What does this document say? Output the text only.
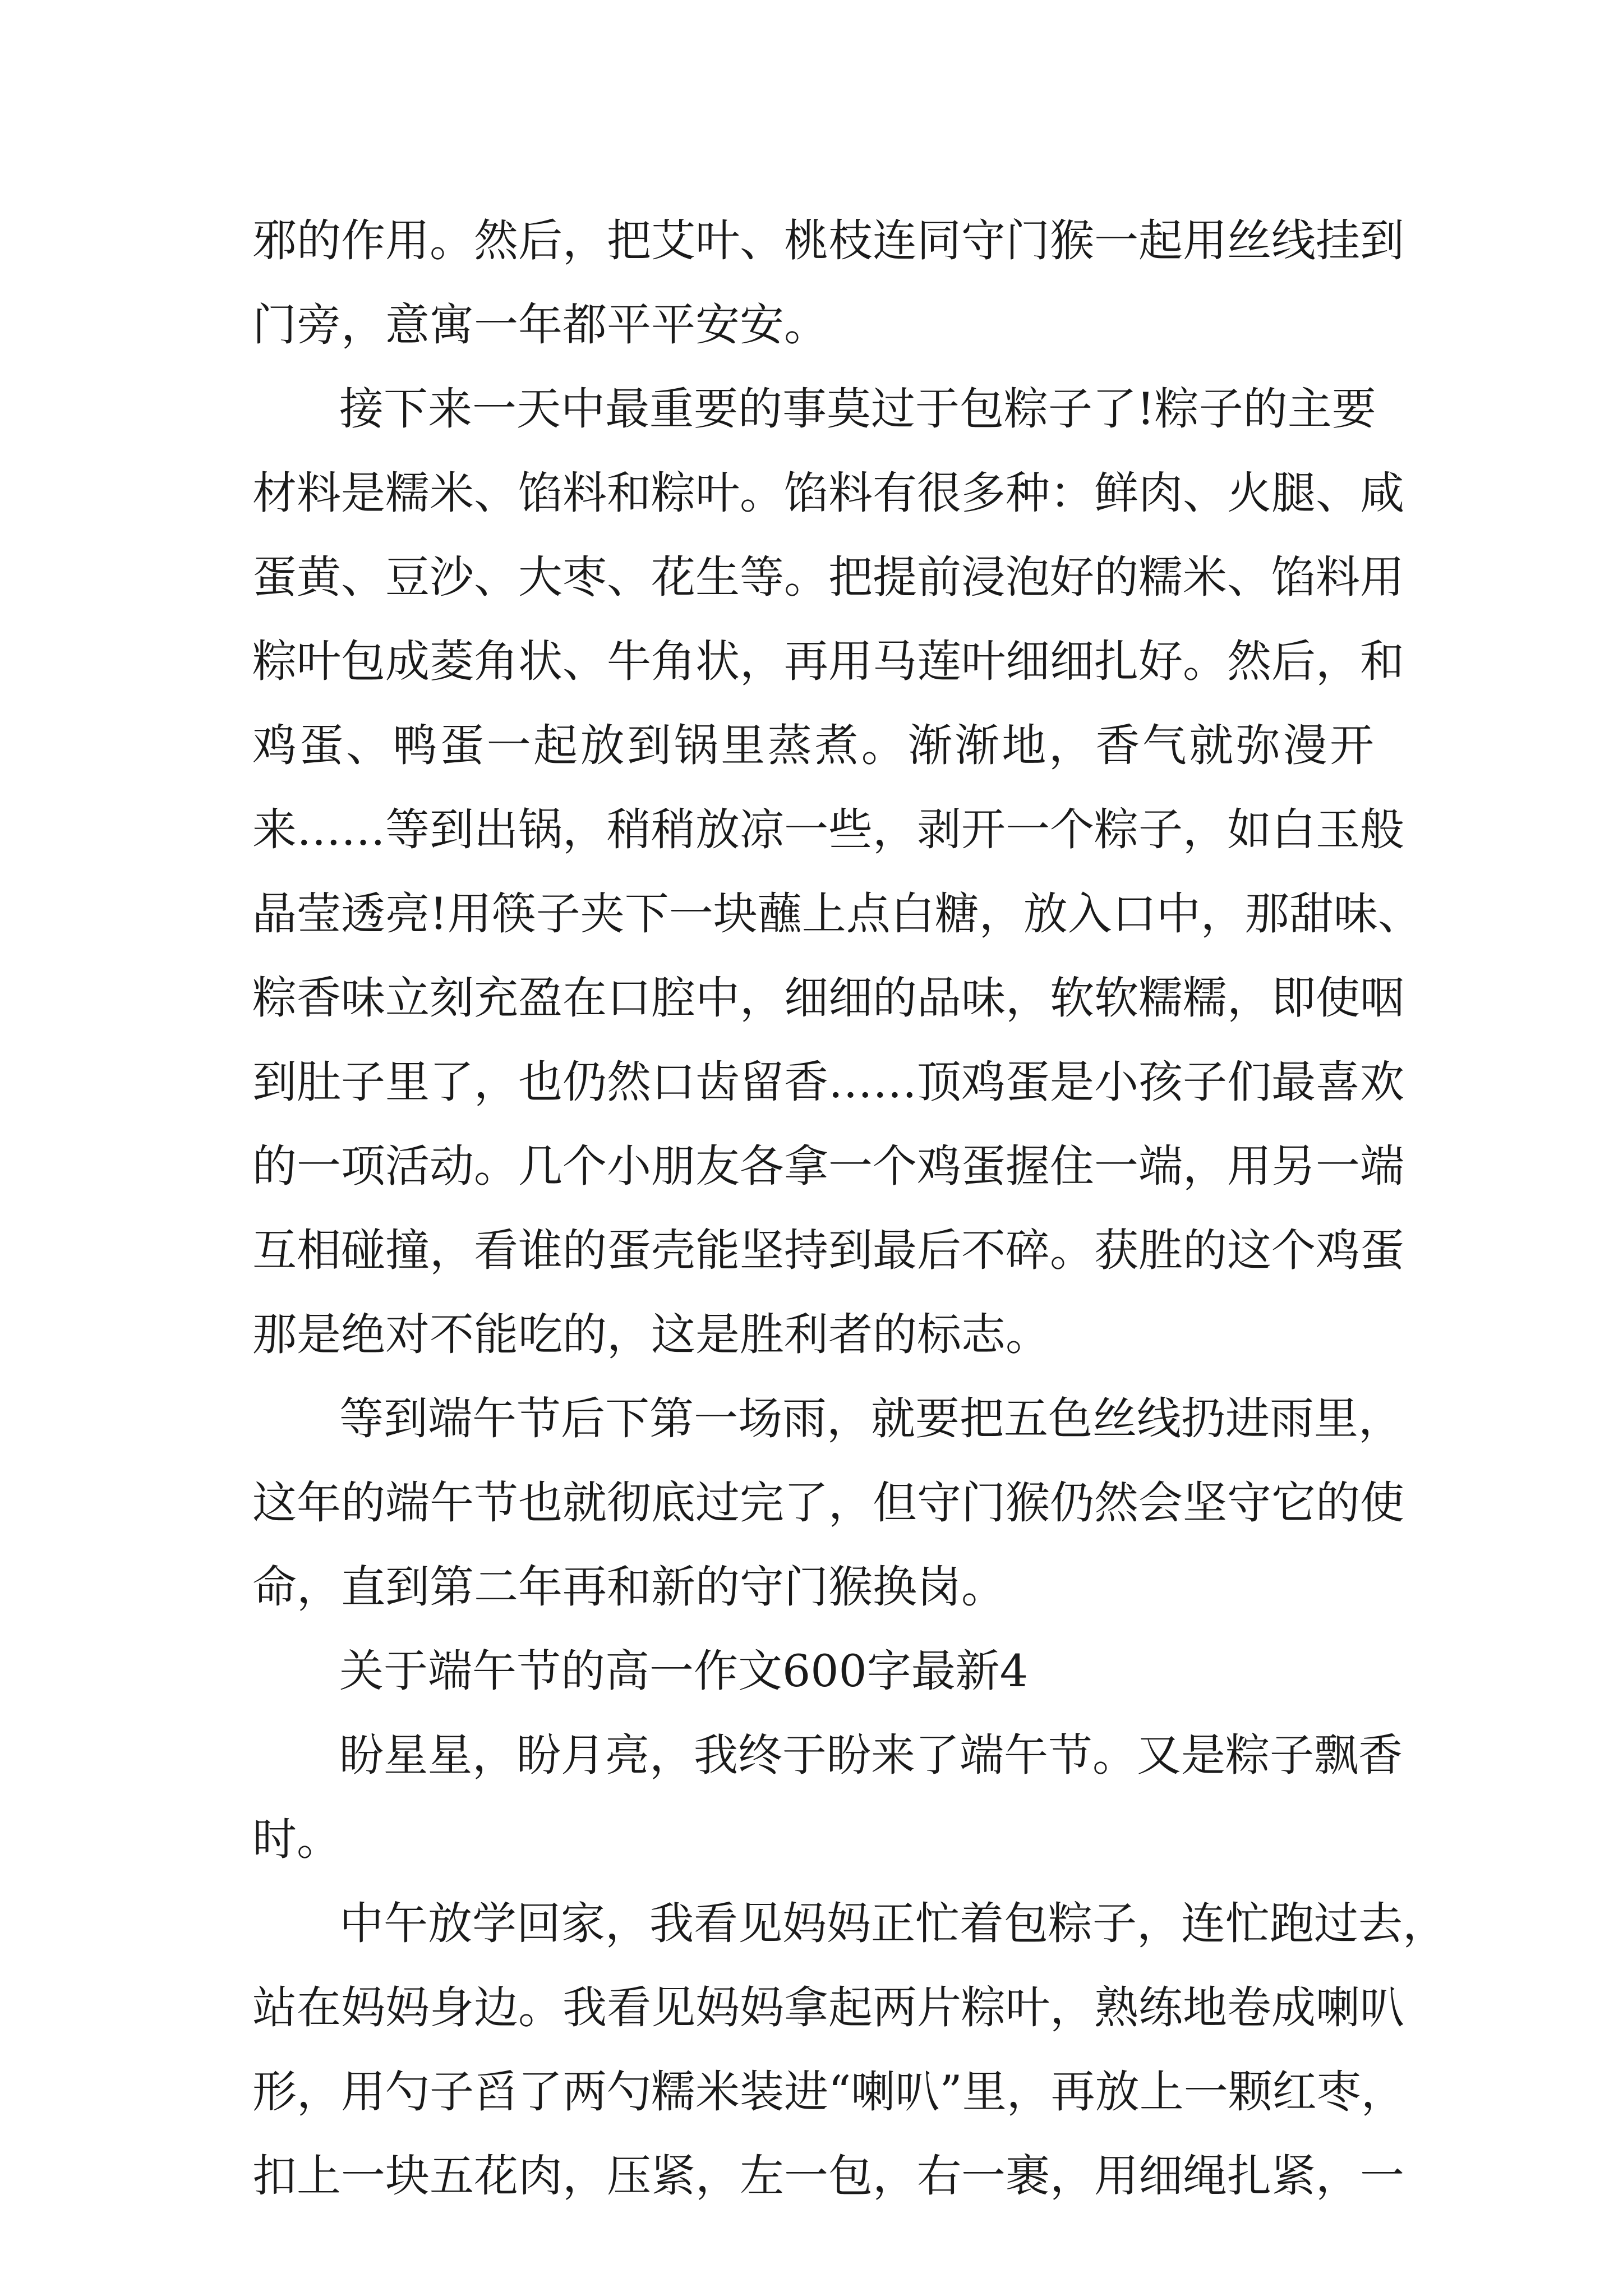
邪的作用。然后，把艾叶、桃枝连同守门猴一起用丝线挂到

门旁，意寓一年都平平安安。

接下来一天中最重要的事莫过于包粽子了!粽子的主要

材料是糯米、馅料和粽叶。馅料有很多种：鲜肉、火腿、咸

蛋黄、豆沙、大枣、花生等。把提前浸泡好的糯米、馅料用

粽叶包成菱角状、牛角状，再用马莲叶细细扎好。然后，和

鸡蛋、鸭蛋一起放到锅里蒸煮。渐渐地，香气就弥漫开

来……等到出锅，稍稍放凉一些，剥开一个粽子，如白玉般

晶莹透亮!用筷子夹下一块蘸上点白糖，放入口中，那甜味、

粽香味立刻充盈在口腔中，细细的品味，软软糯糯，即使咽

到肚子里了，也仍然口齿留香……顶鸡蛋是小孩子们最喜欢

的一项活动。几个小朋友各拿一个鸡蛋握住一端，用另一端

互相碰撞，看谁的蛋壳能坚持到最后不碎。获胜的这个鸡蛋

那是绝对不能吃的，这是胜利者的标志。

等到端午节后下第一场雨，就要把五色丝线扔进雨里，

这年的端午节也就彻底过完了，但守门猴仍然会坚守它的使

命，直到第二年再和新的守门猴换岗。

关于端午节的高一作文600字最新4

盼星星，盼月亮，我终于盼来了端午节。又是粽子飘香

时。

中午放学回家，我看见妈妈正忙着包粽子，连忙跑过去，

站在妈妈身边。我看见妈妈拿起两片粽叶，熟练地卷成喇叭

形，用勺子舀了两勺糯米装进“喇叭”里，再放上一颗红枣，

扣上一块五花肉，压紧，左一包，右一裹，用细绳扎紧，一
